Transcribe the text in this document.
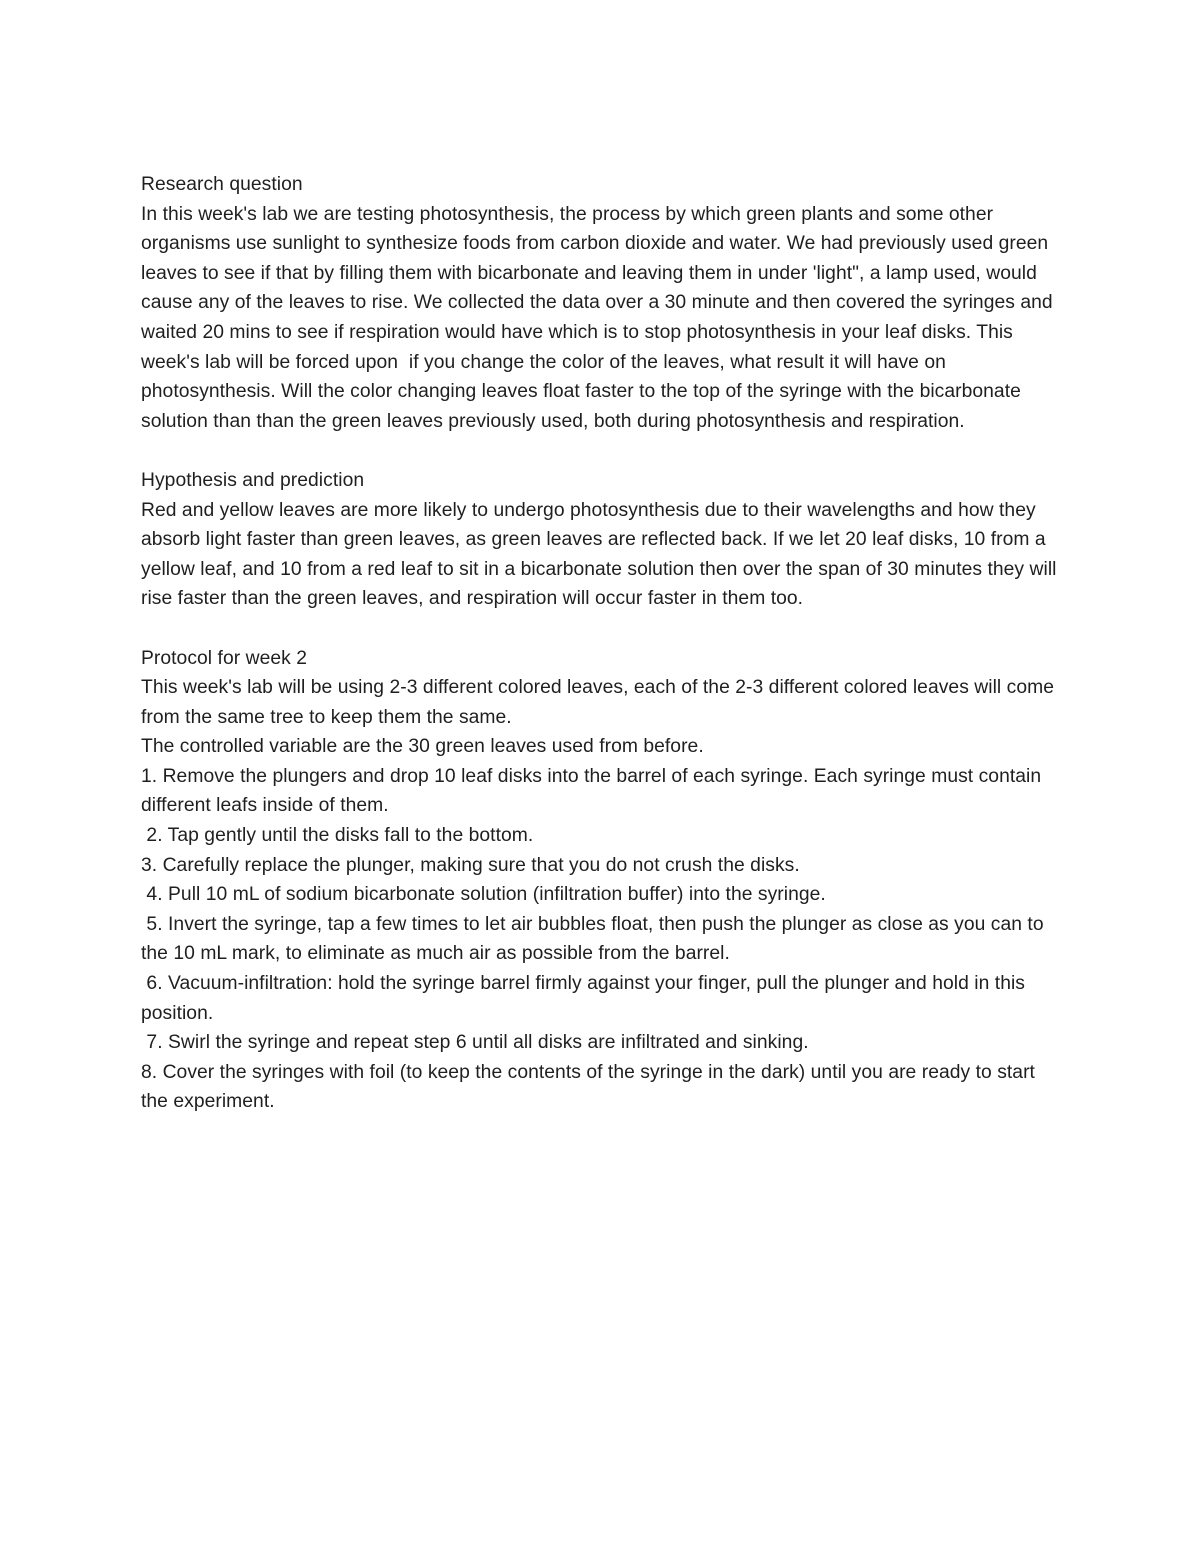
Research question

In this week's lab we are testing photosynthesis, the process by which green plants and some other organisms use sunlight to synthesize foods from carbon dioxide and water. We had previously used green leaves to see if that by filling them with bicarbonate and leaving them in under 'light", a lamp used, would cause any of the leaves to rise. We collected the data over a 30 minute and then covered the syringes and waited 20 mins to see if respiration would have which is to stop photosynthesis in your leaf disks. This week's lab will be forced upon  if you change the color of the leaves, what result it will have on photosynthesis. Will the color changing leaves float faster to the top of the syringe with the bicarbonate solution than than the green leaves previously used, both during photosynthesis and respiration.

Hypothesis and prediction

Red and yellow leaves are more likely to undergo photosynthesis due to their wavelengths and how they absorb light faster than green leaves, as green leaves are reflected back. If we let 20 leaf disks, 10 from a yellow leaf, and 10 from a red leaf to sit in a bicarbonate solution then over the span of 30 minutes they will rise faster than the green leaves, and respiration will occur faster in them too.

Protocol for week 2

This week's lab will be using 2-3 different colored leaves, each of the 2-3 different colored leaves will come from the same tree to keep them the same.

The controlled variable are the 30 green leaves used from before.

1. Remove the plungers and drop 10 leaf disks into the barrel of each syringe. Each syringe must contain different leafs inside of them.

2. Tap gently until the disks fall to the bottom.

3. Carefully replace the plunger, making sure that you do not crush the disks.

4. Pull 10 mL of sodium bicarbonate solution (infiltration buffer) into the syringe.

5. Invert the syringe, tap a few times to let air bubbles float, then push the plunger as close as you can to the 10 mL mark, to eliminate as much air as possible from the barrel.

6. Vacuum-infiltration: hold the syringe barrel firmly against your finger, pull the plunger and hold in this position.

7. Swirl the syringe and repeat step 6 until all disks are infiltrated and sinking.

8. Cover the syringes with foil (to keep the contents of the syringe in the dark) until you are ready to start the experiment.
